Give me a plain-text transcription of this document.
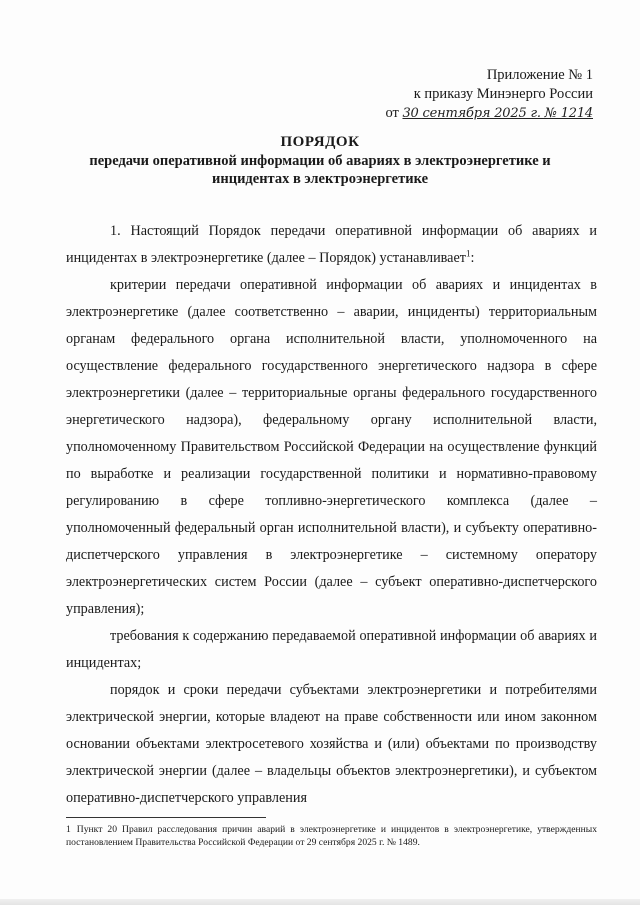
Приложение № 1
к приказу Минэнерго России
от 30 сентября 2025 г. № 1214
ПОРЯДОК
передачи оперативной информации об авариях в электроэнергетике и
инцидентах в электроэнергетике

1. Настоящий Порядок передачи оперативной информации об авариях и инцидентах в электроэнергетике (далее – Порядок) устанавливает$^1$:

критерии передачи оперативной информации об авариях и инцидентах в электроэнергетике (далее соответственно – аварии, инциденты) территориальным органам федерального органа исполнительной власти, уполномоченного на осуществление федерального государственного энергетического надзора в сфере электроэнергетики (далее – территориальные органы федерального государственного энергетического надзора), федеральному органу исполнительной власти, уполномоченному Правительством Российской Федерации на осуществление функций по выработке и реализации государственной политики и нормативно-правовому регулированию в сфере топливно-энергетического комплекса (далее – уполномоченный федеральный орган исполнительной власти), и субъекту оперативно-диспетчерского управления в электроэнергетике – системному оператору электроэнергетических систем России (далее – субъект оперативно-диспетчерского управления);

требования к содержанию передаваемой оперативной информации об авариях и инцидентах;

порядок и сроки передачи субъектами электроэнергетики и потребителями электрической энергии, которые владеют на праве собственности или ином законном основании объектами электросетевого хозяйства и (или) объектами по производству электрической энергии (далее – владельцы объектов электроэнергетики), и субъектом оперативно-диспетчерского управления

1 Пункт 20 Правил расследования причин аварий в электроэнергетике и инцидентов в электроэнергетике, утвержденных постановлением Правительства Российской Федерации от 29 сентября 2025 г. № 1489.
